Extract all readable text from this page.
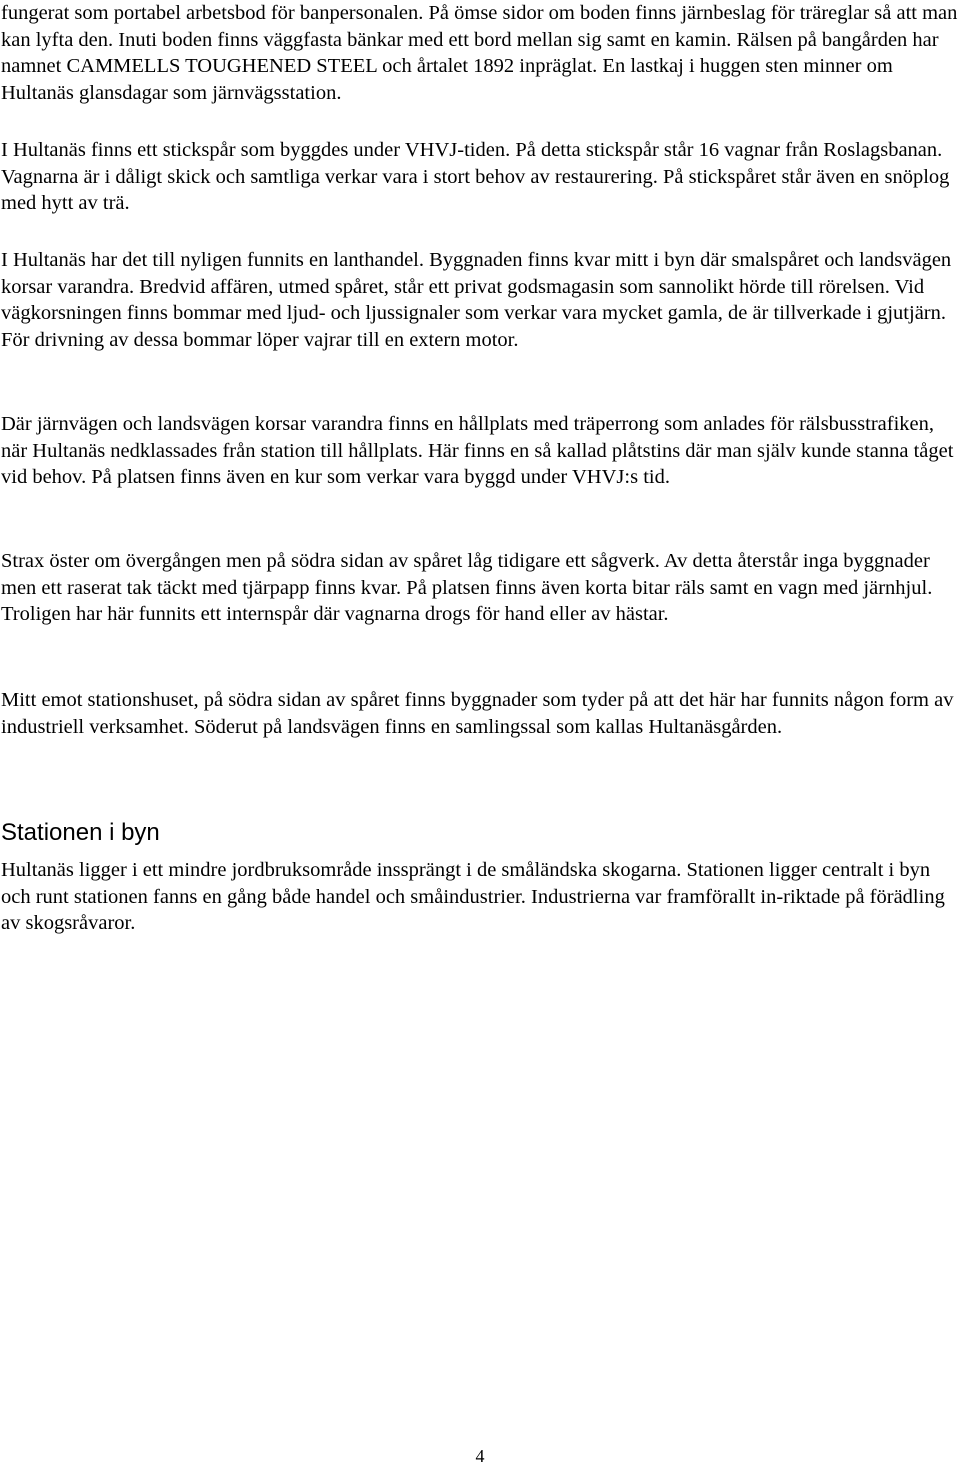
fungerat som portabel arbetsbod för banpersonalen. På ömse sidor om boden finns järnbeslag för träreglar så att man kan lyfta den. Inuti boden finns väggfasta bänkar med ett bord mellan sig samt en kamin. Rälsen på bangården har namnet CAMMELLS TOUGHENED STEEL och årtalet 1892 inpräglat. En lastkaj i huggen sten minner om Hultanäs glansdagar som järnvägsstation.

I Hultanäs finns ett stickspår som byggdes under VHVJ-tiden. På detta stickspår står 16 vagnar från Roslagsbanan. Vagnarna är i dåligt skick och samtliga verkar vara i stort behov av restaurering. På stickspåret står även en snöplog med hytt av trä.

I Hultanäs har det till nyligen funnits en lanthandel. Byggnaden finns kvar mitt i byn där smalspåret och landsvägen korsar varandra. Bredvid affären, utmed spåret, står ett privat godsmagasin som sannolikt hörde till rörelsen. Vid vägkorsningen finns bommar med ljud- och ljussignaler som verkar vara mycket gamla, de är tillverkade i gjutjärn. För drivning av dessa bommar löper vajrar till en extern motor.

Där järnvägen och landsvägen korsar varandra finns en hållplats med träperrong som anlades för rälsbusstrafiken, när Hultanäs nedklassades från station till hållplats. Här finns en så kallad plåtstins där man själv kunde stanna tåget vid behov. På platsen finns även en kur som verkar vara byggd under VHVJ:s tid.

Strax öster om övergången men på södra sidan av spåret låg tidigare ett sågverk. Av detta återstår inga byggnader men ett raserat tak täckt med tjärpapp finns kvar. På platsen finns även korta bitar räls samt en vagn med järnhjul. Troligen har här funnits ett internspår där vagnarna drogs för hand eller av hästar.

Mitt emot stationshuset, på södra sidan av spåret finns byggnader som tyder på att det här har funnits någon form av industriell verksamhet. Söderut på landsvägen finns en samlingssal som kallas Hultanäsgården.

Stationen i byn

Hultanäs ligger i ett mindre jordbruksområde inssprängt i de småländska skogarna. Stationen ligger centralt i byn och runt stationen fanns en gång både handel och småindustrier. Industrierna var framförallt in-riktade på förädling av skogsråvaror.

4
